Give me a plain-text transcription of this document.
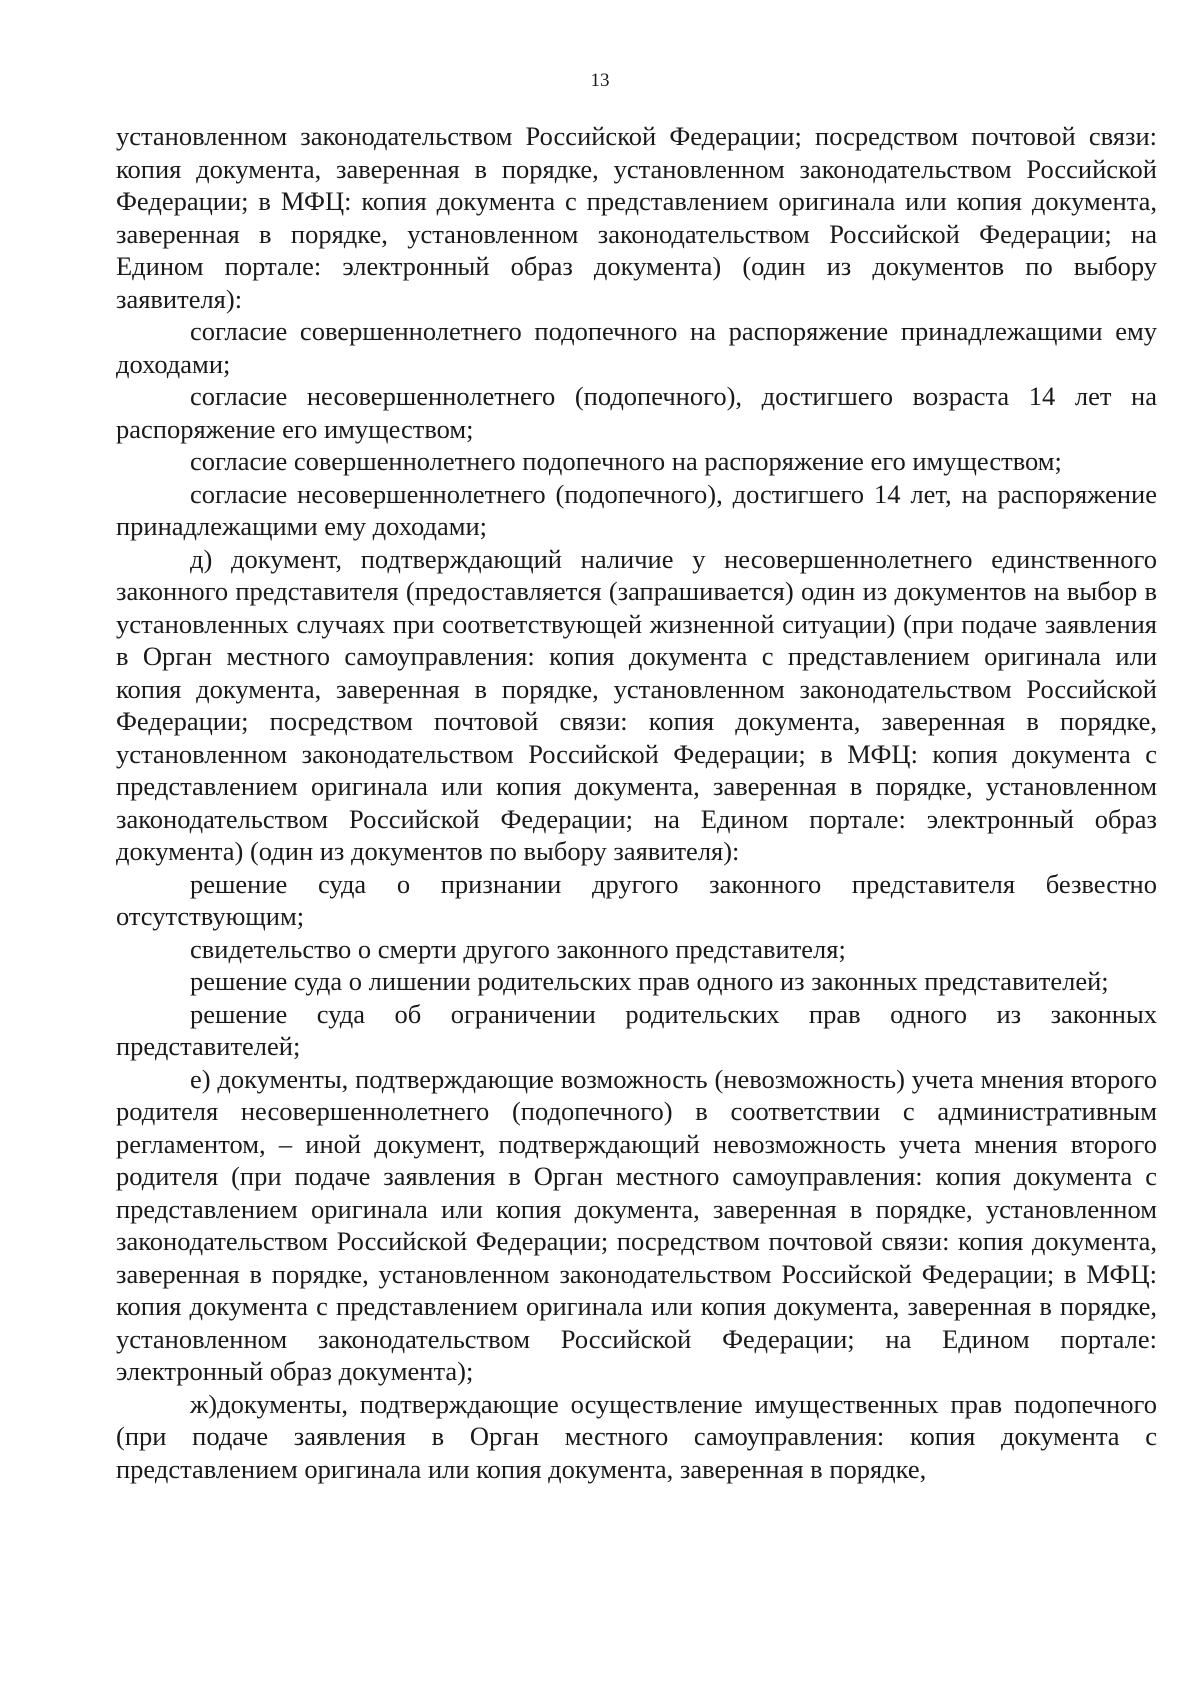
13

установленном законодательством Российской Федерации; посредством почтовой связи: копия документа, заверенная в порядке, установленном законодательством Российской Федерации; в МФЦ: копия документа с представлением оригинала или копия документа, заверенная в порядке, установленном законодательством Российской Федерации; на Едином портале: электронный образ документа) (один из документов по выбору заявителя):

согласие совершеннолетнего подопечного на распоряжение принадлежащими ему доходами;

согласие несовершеннолетнего (подопечного), достигшего возраста 14 лет на распоряжение его имуществом;

согласие совершеннолетнего подопечного на распоряжение его имуществом;

согласие несовершеннолетнего (подопечного), достигшего 14 лет, на распоряжение принадлежащими ему доходами;

д) документ, подтверждающий наличие у несовершеннолетнего единственного законного представителя (предоставляется (запрашивается) один из документов на выбор в установленных случаях при соответствующей жизненной ситуации) (при подаче заявления в Орган местного самоуправления: копия документа с представлением оригинала или копия документа, заверенная в порядке, установленном законодательством Российской Федерации; посредством почтовой связи: копия документа, заверенная в порядке, установленном законодательством Российской Федерации; в МФЦ: копия документа с представлением оригинала или копия документа, заверенная в порядке, установленном законодательством Российской Федерации; на Едином портале: электронный образ документа) (один из документов по выбору заявителя):

решение суда о признании другого законного представителя безвестно отсутствующим;

свидетельство о смерти другого законного представителя;

решение суда о лишении родительских прав одного из законных представителей;

решение суда об ограничении родительских прав одного из законных представителей;

е) документы, подтверждающие возможность (невозможность) учета мнения второго родителя несовершеннолетнего (подопечного) в соответствии с административным регламентом, – иной документ, подтверждающий невозможность учета мнения второго родителя (при подаче заявления в Орган местного самоуправления: копия документа с представлением оригинала или копия документа, заверенная в порядке, установленном законодательством Российской Федерации; посредством почтовой связи: копия документа, заверенная в порядке, установленном законодательством Российской Федерации; в МФЦ: копия документа с представлением оригинала или копия документа, заверенная в порядке, установленном законодательством Российской Федерации; на Едином портале: электронный образ документа);

ж)документы, подтверждающие осуществление имущественных прав подопечного (при подаче заявления в Орган местного самоуправления: копия документа с представлением оригинала или копия документа, заверенная в порядке,
